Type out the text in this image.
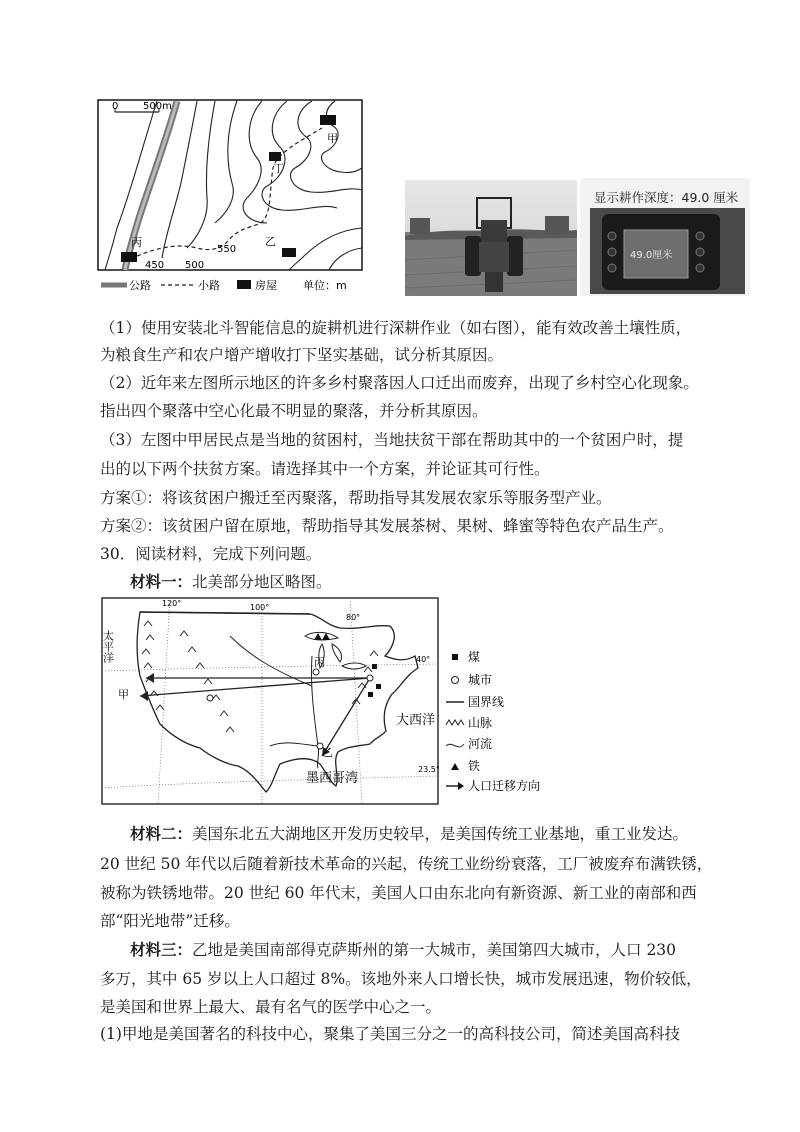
0 500m
甲
丁
乙
丙
450 500
550
公路	小路	房屋 单位：m
显示耕作深度：49.0 厘米
49.0厘米
（1）使用安装北斗智能信息的旋耕机进行深耕作业（如右图），能有效改善土壤性质，
为粮食生产和农户增产增收打下坚实基础，试分析其原因。
（2）近年来左图所示地区的许多乡村聚落因人口迁出而废弃，出现了乡村空心化现象。
指出四个聚落中空心化最不明显的聚落，并分析其原因。
（3）左图中甲居民点是当地的贫困村，当地扶贫干部在帮助其中的一个贫困户时，提
出的以下两个扶贫方案。请选择其中一个方案，并论证其可行性。
方案①：将该贫困户搬迁至丙聚落，帮助指导其发展农家乐等服务型产业。
方案②：该贫困户留在原地，帮助指导其发展茶树、果树、蜂蜜等特色农产品生产。
30．阅读材料，完成下列问题。
材料一：北美部分地区略图。
120°	100°
80°
40°
23.5°
太平洋
大西洋
墨西哥湾
甲
乙
丙	煤
城市
国界线
山脉
河流
铁
人口迁移方向
材料二：美国东北五大湖地区开发历史较早，是美国传统工业基地，重工业发达。
20 世纪 50 年代以后随着新技术革命的兴起，传统工业纷纷衰落，工厂被废弃布满铁锈，
被称为铁锈地带。20 世纪 60 年代末，美国人口由东北向有新资源、新工业的南部和西
部“阳光地带”迁移。
材料三：乙地是美国南部得克萨斯州的第一大城市，美国第四大城市，人口 230
多万，其中 65 岁以上人口超过 8%。该地外来人口增长快，城市发展迅速，物价较低，
是美国和世界上最大、最有名气的医学中心之一。
(1)甲地是美国著名的科技中心，聚集了美国三分之一的高科技公司，简述美国高科技
